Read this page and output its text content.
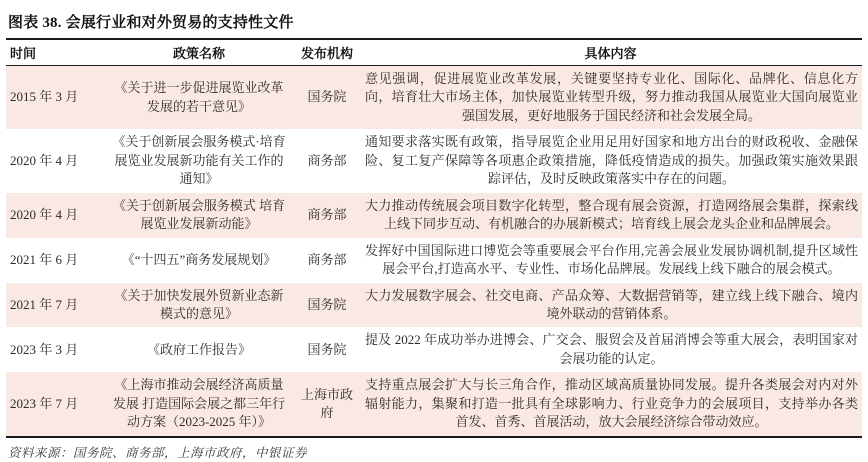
图表 38. 会展行业和对外贸易的支持性文件
时间	政策名称	发布机构	具体内容
2015 年 3 月	《关于进一步促进展览业改革发展的若干意见》	国务院	意见强调，促进展览业改革发展，关键要坚持专业化、国际化、品牌化、信息化方向，培育壮大市场主体，加快展览业转型升级，努力推动我国从展览业大国向展览业强国发展，更好地服务于国民经济和社会发展全局。
2020 年 4 月	《关于创新展会服务模式·培育展览业发展新功能有关工作的通知》	商务部	通知要求落实既有政策，指导展览企业用足用好国家和地方出台的财政税收、金融保险、复工复产保障等各项惠企政策措施，降低疫情造成的损失。加强政策实施效果跟踪评估，及时反映政策落实中存在的问题。
2020 年 4 月	《关于创新展会服务模式 培育展览业发展新动能》	商务部	大力推动传统展会项目数字化转型，整合现有展会资源，打造网络展会集群，探索线上线下同步互动、有机融合的办展新模式；培育线上展会龙头企业和品牌展会。
2021 年 6 月	《“十四五”商务发展规划》	商务部	发挥好中国国际进口博览会等重要展会平台作用,完善会展业发展协调机制,提升区域性展会平台,打造高水平、专业性、市场化品牌展。发展线上线下融合的展会模式。
2021 年 7 月	《关于加快发展外贸新业态新模式的意见》	国务院	大力发展数字展会、社交电商、产品众筹、大数据营销等，建立线上线下融合、境内境外联动的营销体系。
2023 年 3 月	《政府工作报告》	国务院	提及 2022 年成功举办进博会、广交会、服贸会及首届消博会等重大展会，表明国家对会展功能的认定。
2023 年 7 月	《上海市推动会展经济高质量发展 打造国际会展之都三年行动方案（2023-2025 年）》	上海市政府	支持重点展会扩大与长三角合作，推动区域高质量协同发展。提升各类展会对内对外辐射能力，集聚和打造一批具有全球影响力、行业竞争力的会展项目，支持举办各类首发、首秀、首展活动，放大会展经济综合带动效应。
资料来源：国务院、商务部，上海市政府，中银证券
